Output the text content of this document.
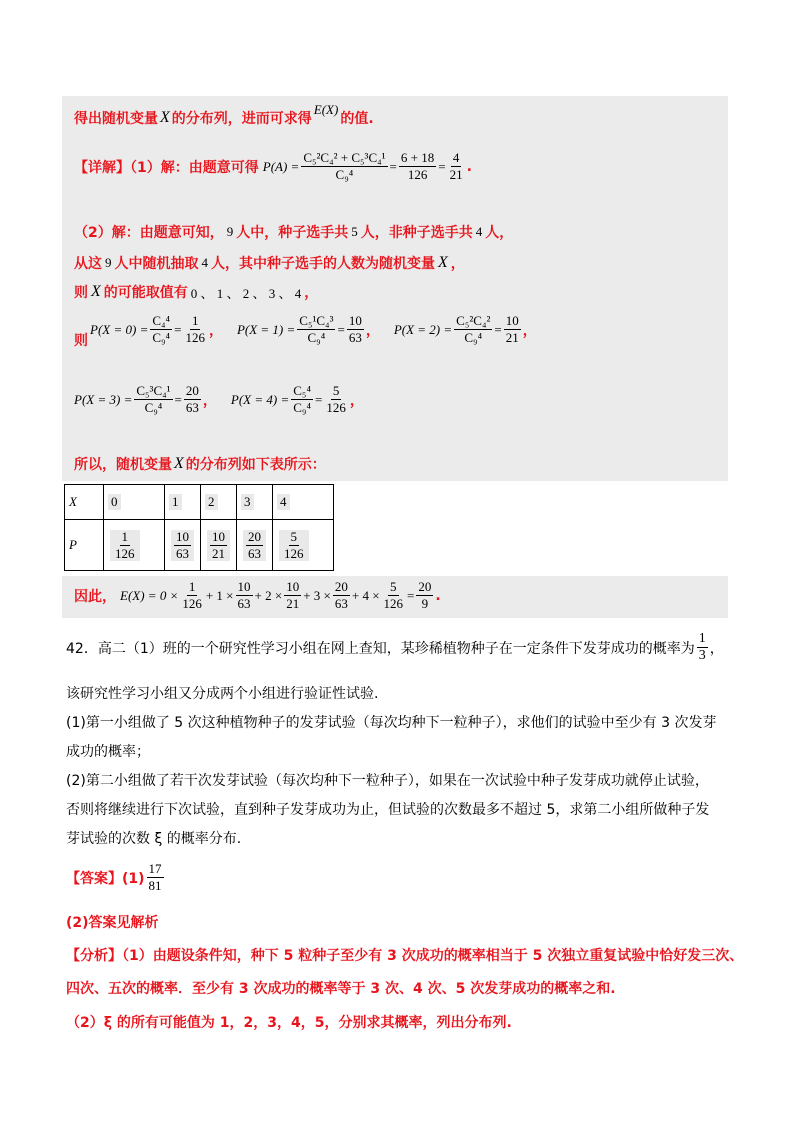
得出随机变量 X 的分布列，进而可求得
E(X)
的值.
【详解】（1）解：由题意可得 $P(A) = \frac{\text{C₅²C₄² + C₅³C₄¹}}{\text{C₉⁴}} = \frac{6 + 18}{126} = \frac{4}{21}$ .
（2）解：由题意可知， 9 人中，种子选手共 5 人，非种子选手共 4 人，
从这 9 人中随机抽取 4 人，其中种子选手的人数为随机变量 X ，
则 X 的可能取值有 0 、 1 、 2 、 3 、 4 ，
则
$P(X = 0) = \frac{\text{C₄⁴}}{\text{C₉⁴}} = \frac{1}{126}$ ， $P(X = 1) = \frac{\text{C₅¹C₄³}}{\text{C₉⁴}} = \frac{10}{63}$ ， $P(X = 2) = \frac{\text{C₅²C₄²}}{\text{C₉⁴}} = \frac{10}{21}$ ，
$P(X = 3) = \frac{\text{C₅³C₄¹}}{\text{C₉⁴}} = \frac{20}{63}$ ， $P(X = 4) = \frac{\text{C₅⁴}}{\text{C₉⁴}} = \frac{5}{126}$ ，
所以，随机变量 X 的分布列如下表所示：
X	0	1	2	3	4
P	$\frac{1}{126}$	$\frac{10}{63}$	$\frac{10}{21}$	$\frac{20}{63}$	$\frac{5}{126}$
因此， $E(X) = 0 \times \frac{1}{126} + 1 \times \frac{10}{63} + 2 \times \frac{10}{21} + 3 \times \frac{20}{63} + 4 \times \frac{5}{126} = \frac{20}{9}$ .
42．高二（1）班的一个研究性学习小组在网上查知，某珍稀植物种子在一定条件下发芽成功的概率为 $\frac{1}{3}$ ，
该研究性学习小组又分成两个小组进行验证性试验.
(1)第一小组做了 5 次这种植物种子的发芽试验（每次均种下一粒种子），求他们的试验中至少有 3 次发芽
成功的概率；
(2)第二小组做了若干次发芽试验（每次均种下一粒种子），如果在一次试验中种子发芽成功就停止试验，
否则将继续进行下次试验，直到种子发芽成功为止，但试验的次数最多不超过 5，求第二小组所做种子发
芽试验的次数 ξ 的概率分布.
【答案】$(1) \frac{17}{81}$
(2)答案见解析
【分析】（1）由题设条件知，种下 5 粒种子至少有 3 次成功的概率相当于 5 次独立重复试验中恰好发三次、
四次、五次的概率．至少有 3 次成功的概率等于 3 次、4 次、5 次发芽成功的概率之和.
（2）ξ 的所有可能值为 1，2，3，4，5，分别求其概率，列出分布列.
